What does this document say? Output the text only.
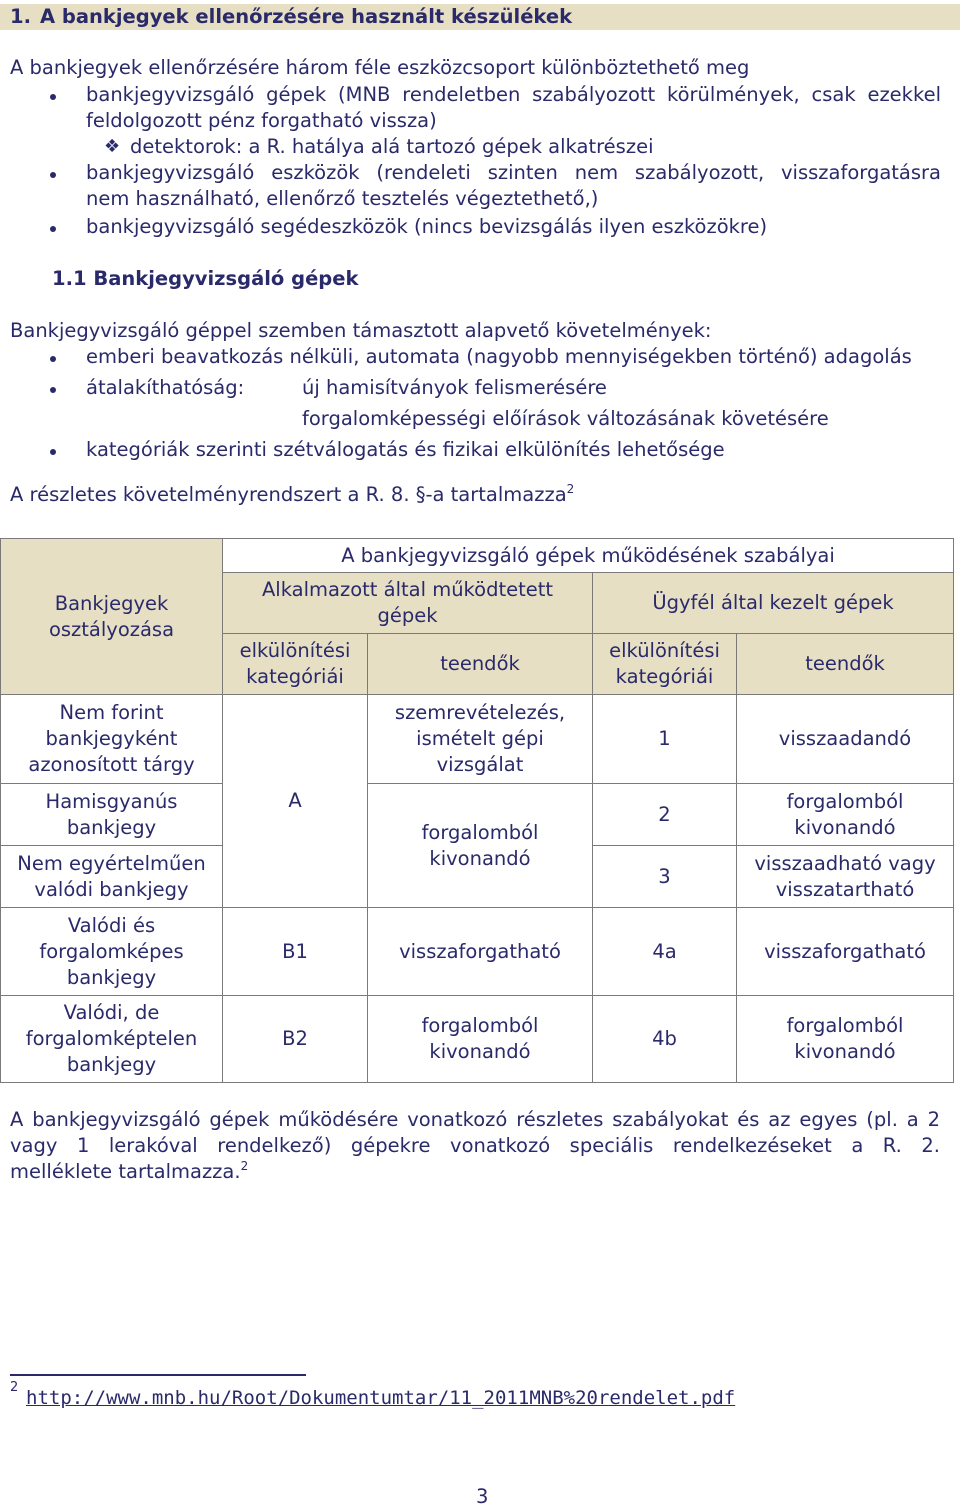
1. A bankjegyek ellenőrzésére használt készülékek
A bankjegyek ellenőrzésére három féle eszközcsoport különböztethető meg
bankjegyvizsgáló gépek (MNB rendeletben szabályozott körülmények, csak ezekkel
feldolgozott pénz forgatható vissza)
❖ detektorok: a R. hatálya alá tartozó gépek alkatrészei
bankjegyvizsgáló eszközök (rendeleti szinten nem szabályozott, visszaforgatásra
nem használható, ellenőrző tesztelés végeztethető,)
bankjegyvizsgáló segédeszközök (nincs bevizsgálás ilyen eszközökre)
1.1 Bankjegyvizsgáló gépek
Bankjegyvizsgáló géppel szemben támasztott alapvető követelmények:
emberi beavatkozás nélküli, automata (nagyobb mennyiségekben történő) adagolás
átalakíthatóság:	új hamisítványok felismerésére
forgalomképességi előírások változásának követésére
kategóriák szerinti szétválogatás és fizikai elkülönítés lehetősége
A részletes követelményrendszert a R. 8. §-a tartalmazza$^2$
Bankjegyek osztályozása	A bankjegyvizsgáló gépek működésének szabályai			
	Alkalmazott által működtetett gépek		Ügyfél által kezelt gépek	
	elkülönítési kategóriái	teendők	elkülönítési kategóriái	teendők
Nem forint bankjegyként azonosított tárgy	A	szemrevételezés, ismételt gépi vizsgálat	1	visszaadandó
Hamisgyanús bankjegy		forgalomból kivonandó	2	forgalomból kivonandó
Nem egyértelműen valódi bankjegy			3	visszaadható vagy visszatartható
Valódi és forgalomképes bankjegy	B1	visszaforgatható	4a	visszaforgatható
Valódi, de forgalomképtelen bankjegy	B2	forgalomból kivonandó	4b	forgalomból kivonandó
A bankjegyvizsgáló gépek működésére vonatkozó részletes szabályokat és az egyes (pl. a 2
vagy 1 lerakóval rendelkező) gépekre vonatkozó speciális rendelkezéseket a R. 2.
melléklete tartalmazza.$^2$
2 http://www.mnb.hu/Root/Dokumentumtar/11_2011MNB%20rendelet.pdf
3
